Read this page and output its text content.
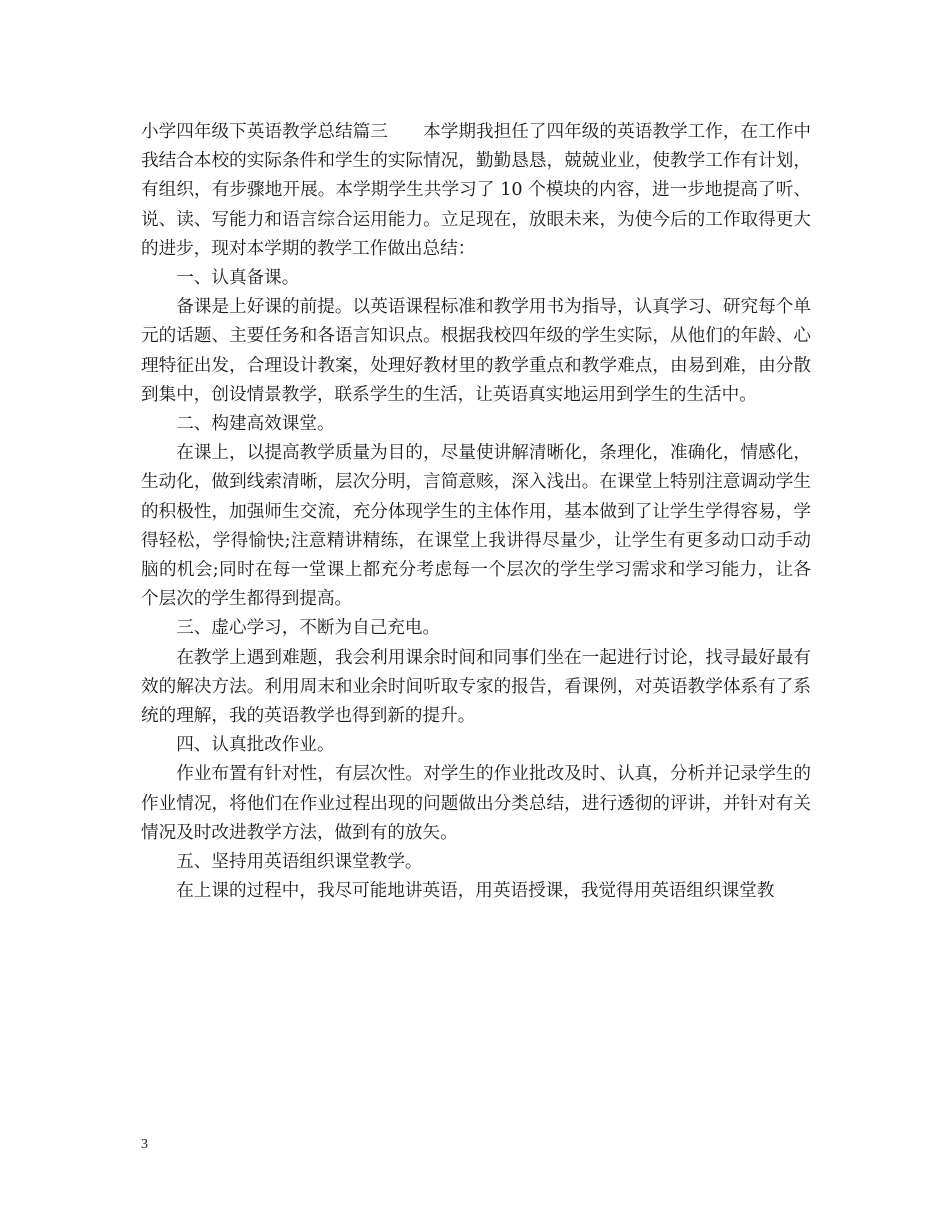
小学四年级下英语教学总结篇三 本学期我担任了四年级的英语教学工作，在工作中我结合本校的实际条件和学生的实际情况，勤勤恳恳，兢兢业业，使教学工作有计划，有组织，有步骤地开展。本学期学生共学习了 10 个模块的内容，进一步地提高了听、说、读、写能力和语言综合运用能力。立足现在，放眼未来，为使今后的工作取得更大的进步，现对本学期的教学工作做出总结：

一、认真备课。

备课是上好课的前提。以英语课程标准和教学用书为指导，认真学习、研究每个单元的话题、主要任务和各语言知识点。根据我校四年级的学生实际，从他们的年龄、心理特征出发，合理设计教案，处理好教材里的教学重点和教学难点，由易到难，由分散到集中，创设情景教学，联系学生的生活，让英语真实地运用到学生的生活中。

二、构建高效课堂。

在课上，以提高教学质量为目的，尽量使讲解清晰化，条理化，准确化，情感化，生动化，做到线索清晰，层次分明，言简意赅，深入浅出。在课堂上特别注意调动学生的积极性，加强师生交流，充分体现学生的主体作用，基本做到了让学生学得容易，学得轻松，学得愉快;注意精讲精练，在课堂上我讲得尽量少，让学生有更多动口动手动脑的机会;同时在每一堂课上都充分考虑每一个层次的学生学习需求和学习能力，让各个层次的学生都得到提高。

三、虚心学习，不断为自己充电。

在教学上遇到难题，我会利用课余时间和同事们坐在一起进行讨论，找寻最好最有效的解决方法。利用周末和业余时间听取专家的报告，看课例，对英语教学体系有了系统的理解，我的英语教学也得到新的提升。

四、认真批改作业。

作业布置有针对性，有层次性。对学生的作业批改及时、认真，分析并记录学生的作业情况，将他们在作业过程出现的问题做出分类总结，进行透彻的评讲，并针对有关情况及时改进教学方法，做到有的放矢。

五、坚持用英语组织课堂教学。

在上课的过程中，我尽可能地讲英语，用英语授课，我觉得用英语组织课堂教

3
